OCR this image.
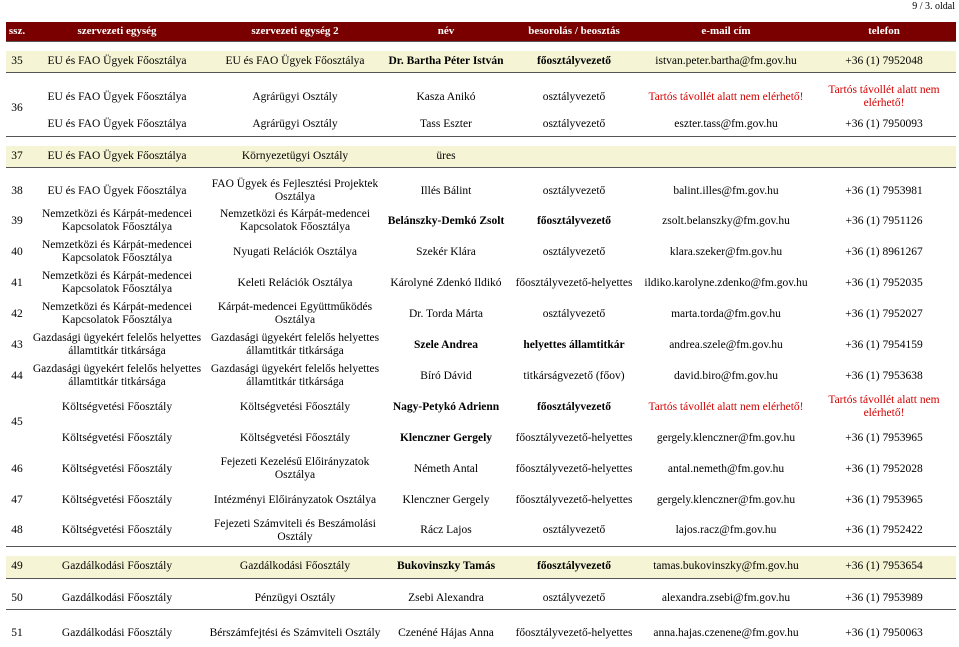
9 / 3. oldal
ssz.	szervezeti egység	szervezeti egység 2	név	besorolás / beosztás	e-mail cím	telefon

35	EU és FAO Ügyek Főosztálya	EU és FAO Ügyek Főosztálya	Dr. Bartha Péter István	főosztályvezető	istvan.peter.bartha@fm.gov.hu	+36 (1) 7952048

36	EU és FAO Ügyek Főosztálya	Agrárügyi Osztály	Kasza Anikó	osztályvezető	Tartós távollét alatt nem elérhető!	Tartós távollét alatt nem elérhető!
	EU és FAO Ügyek Főosztálya	Agrárügyi Osztály	Tass Eszter	osztályvezető	eszter.tass@fm.gov.hu	+36 (1) 7950093

37	EU és FAO Ügyek Főosztálya	Környezetügyi Osztály	üres			

38	EU és FAO Ügyek Főosztálya	FAO Ügyek és Fejlesztési Projektek Osztálya	Illés Bálint	osztályvezető	balint.illes@fm.gov.hu	+36 (1) 7953981
39	Nemzetközi és Kárpát-medencei Kapcsolatok Főosztálya	Nemzetközi és Kárpát-medencei Kapcsolatok Főosztálya	Belánszky-Demkó Zsolt	főosztályvezető	zsolt.belanszky@fm.gov.hu	+36 (1) 7951126
40	Nemzetközi és Kárpát-medencei Kapcsolatok Főosztálya	Nyugati Relációk Osztálya	Szekér Klára	osztályvezető	klara.szeker@fm.gov.hu	+36 (1) 8961267
41	Nemzetközi és Kárpát-medencei Kapcsolatok Főosztálya	Keleti Relációk Osztálya	Károlyné Zdenkó Ildikó	főosztályvezető-helyettes	ildiko.karolyne.zdenko@fm.gov.hu	+36 (1) 7952035
42	Nemzetközi és Kárpát-medencei Kapcsolatok Főosztálya	Kárpát-medencei Együttműködés Osztálya	Dr. Torda Márta	osztályvezető	marta.torda@fm.gov.hu	+36 (1) 7952027
43	Gazdasági ügyekért felelős helyettes államtitkár titkársága	Gazdasági ügyekért felelős helyettes államtitkár titkársága	Szele Andrea	helyettes államtitkár	andrea.szele@fm.gov.hu	+36 (1) 7954159
44	Gazdasági ügyekért felelős helyettes államtitkár titkársága	Gazdasági ügyekért felelős helyettes államtitkár titkársága	Bíró Dávid	titkárságvezető (főov)	david.biro@fm.gov.hu	+36 (1) 7953638
45	Költségvetési Főosztály	Költségvetési Főosztály	Nagy-Petykó Adrienn	főosztályvezető	Tartós távollét alatt nem elérhető!	Tartós távollét alatt nem elérhető!
	Költségvetési Főosztály	Költségvetési Főosztály	Klenczner Gergely	főosztályvezető-helyettes	gergely.klenczner@fm.gov.hu	+36 (1) 7953965
46	Költségvetési Főosztály	Fejezeti Kezelésű Előirányzatok Osztálya	Németh Antal	főosztályvezető-helyettes	antal.nemeth@fm.gov.hu	+36 (1) 7952028
47	Költségvetési Főosztály	Intézményi Előirányzatok Osztálya	Klenczner Gergely	főosztályvezető-helyettes	gergely.klenczner@fm.gov.hu	+36 (1) 7953965
48	Költségvetési Főosztály	Fejezeti Számviteli és Beszámolási Osztály	Rácz Lajos	osztályvezető	lajos.racz@fm.gov.hu	+36 (1) 7952422

49	Gazdálkodási Főosztály	Gazdálkodási Főosztály	Bukovinszky Tamás	főosztályvezető	tamas.bukovinszky@fm.gov.hu	+36 (1) 7953654

50	Gazdálkodási Főosztály	Pénzügyi Osztály	Zsebi Alexandra	osztályvezető	alexandra.zsebi@fm.gov.hu	+36 (1) 7953989

51	Gazdálkodási Főosztály	Bérszámfejtési és Számviteli Osztály	Czenéné Hájas Anna	főosztályvezető-helyettes	anna.hajas.czenene@fm.gov.hu	+36 (1) 7950063
